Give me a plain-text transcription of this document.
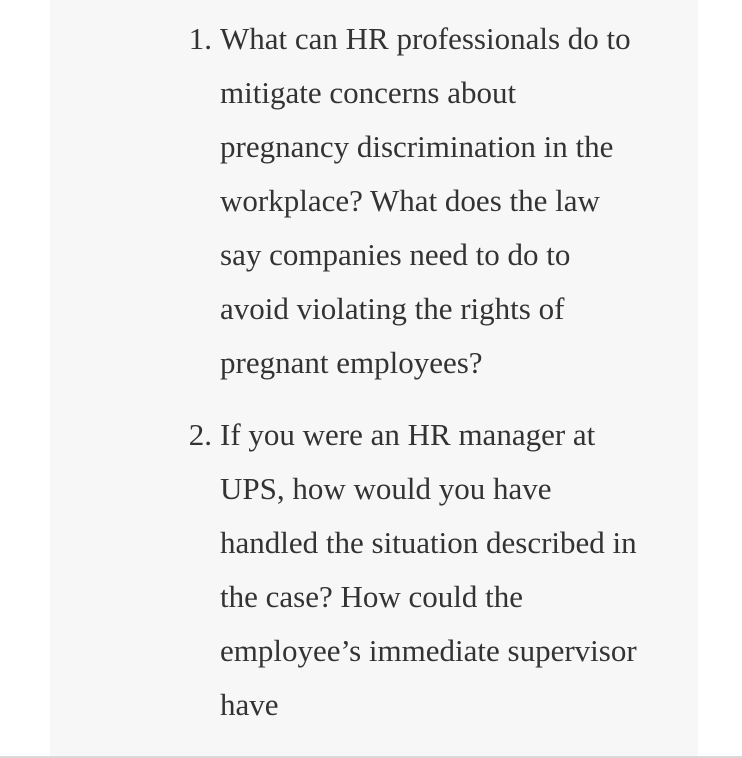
1. What can HR professionals do to mitigate concerns about pregnancy discrimination in the workplace? What does the law say companies need to do to avoid violating the rights of pregnant employees?
2. If you were an HR manager at UPS, how would you have handled the situation described in the case? How could the employee’s immediate supervisor have
